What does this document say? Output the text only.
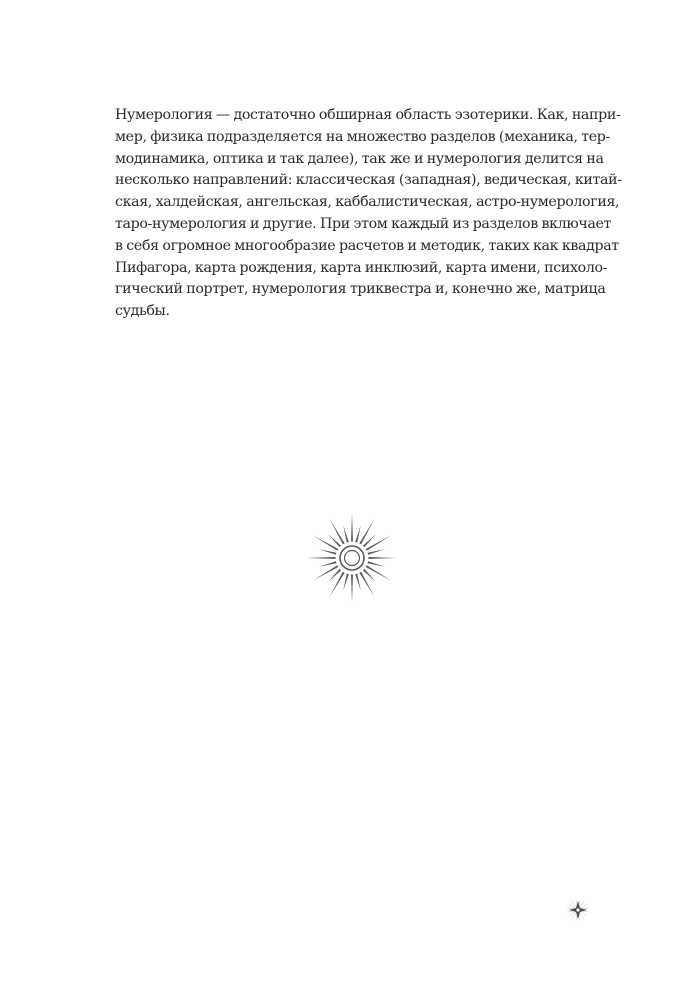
Нумерология — достаточно обширная область эзотерики. Как, напри-
мер, физика подразделяется на множество разделов (механика, тер-
модинамика, оптика и так далее), так же и нумерология делится на
несколько направлений: классическая (западная), ведическая, китай-
ская, халдейская, ангельская, каббалистическая, астро-нумерология,
таро-нумерология и другие. При этом каждый из разделов включает
в себя огромное многообразие расчетов и методик, таких как квадрат
Пифагора, карта рождения, карта инклюзий, карта имени, психоло-
гический портрет, нумерология триквестра и, конечно же, матрица
судьбы.
